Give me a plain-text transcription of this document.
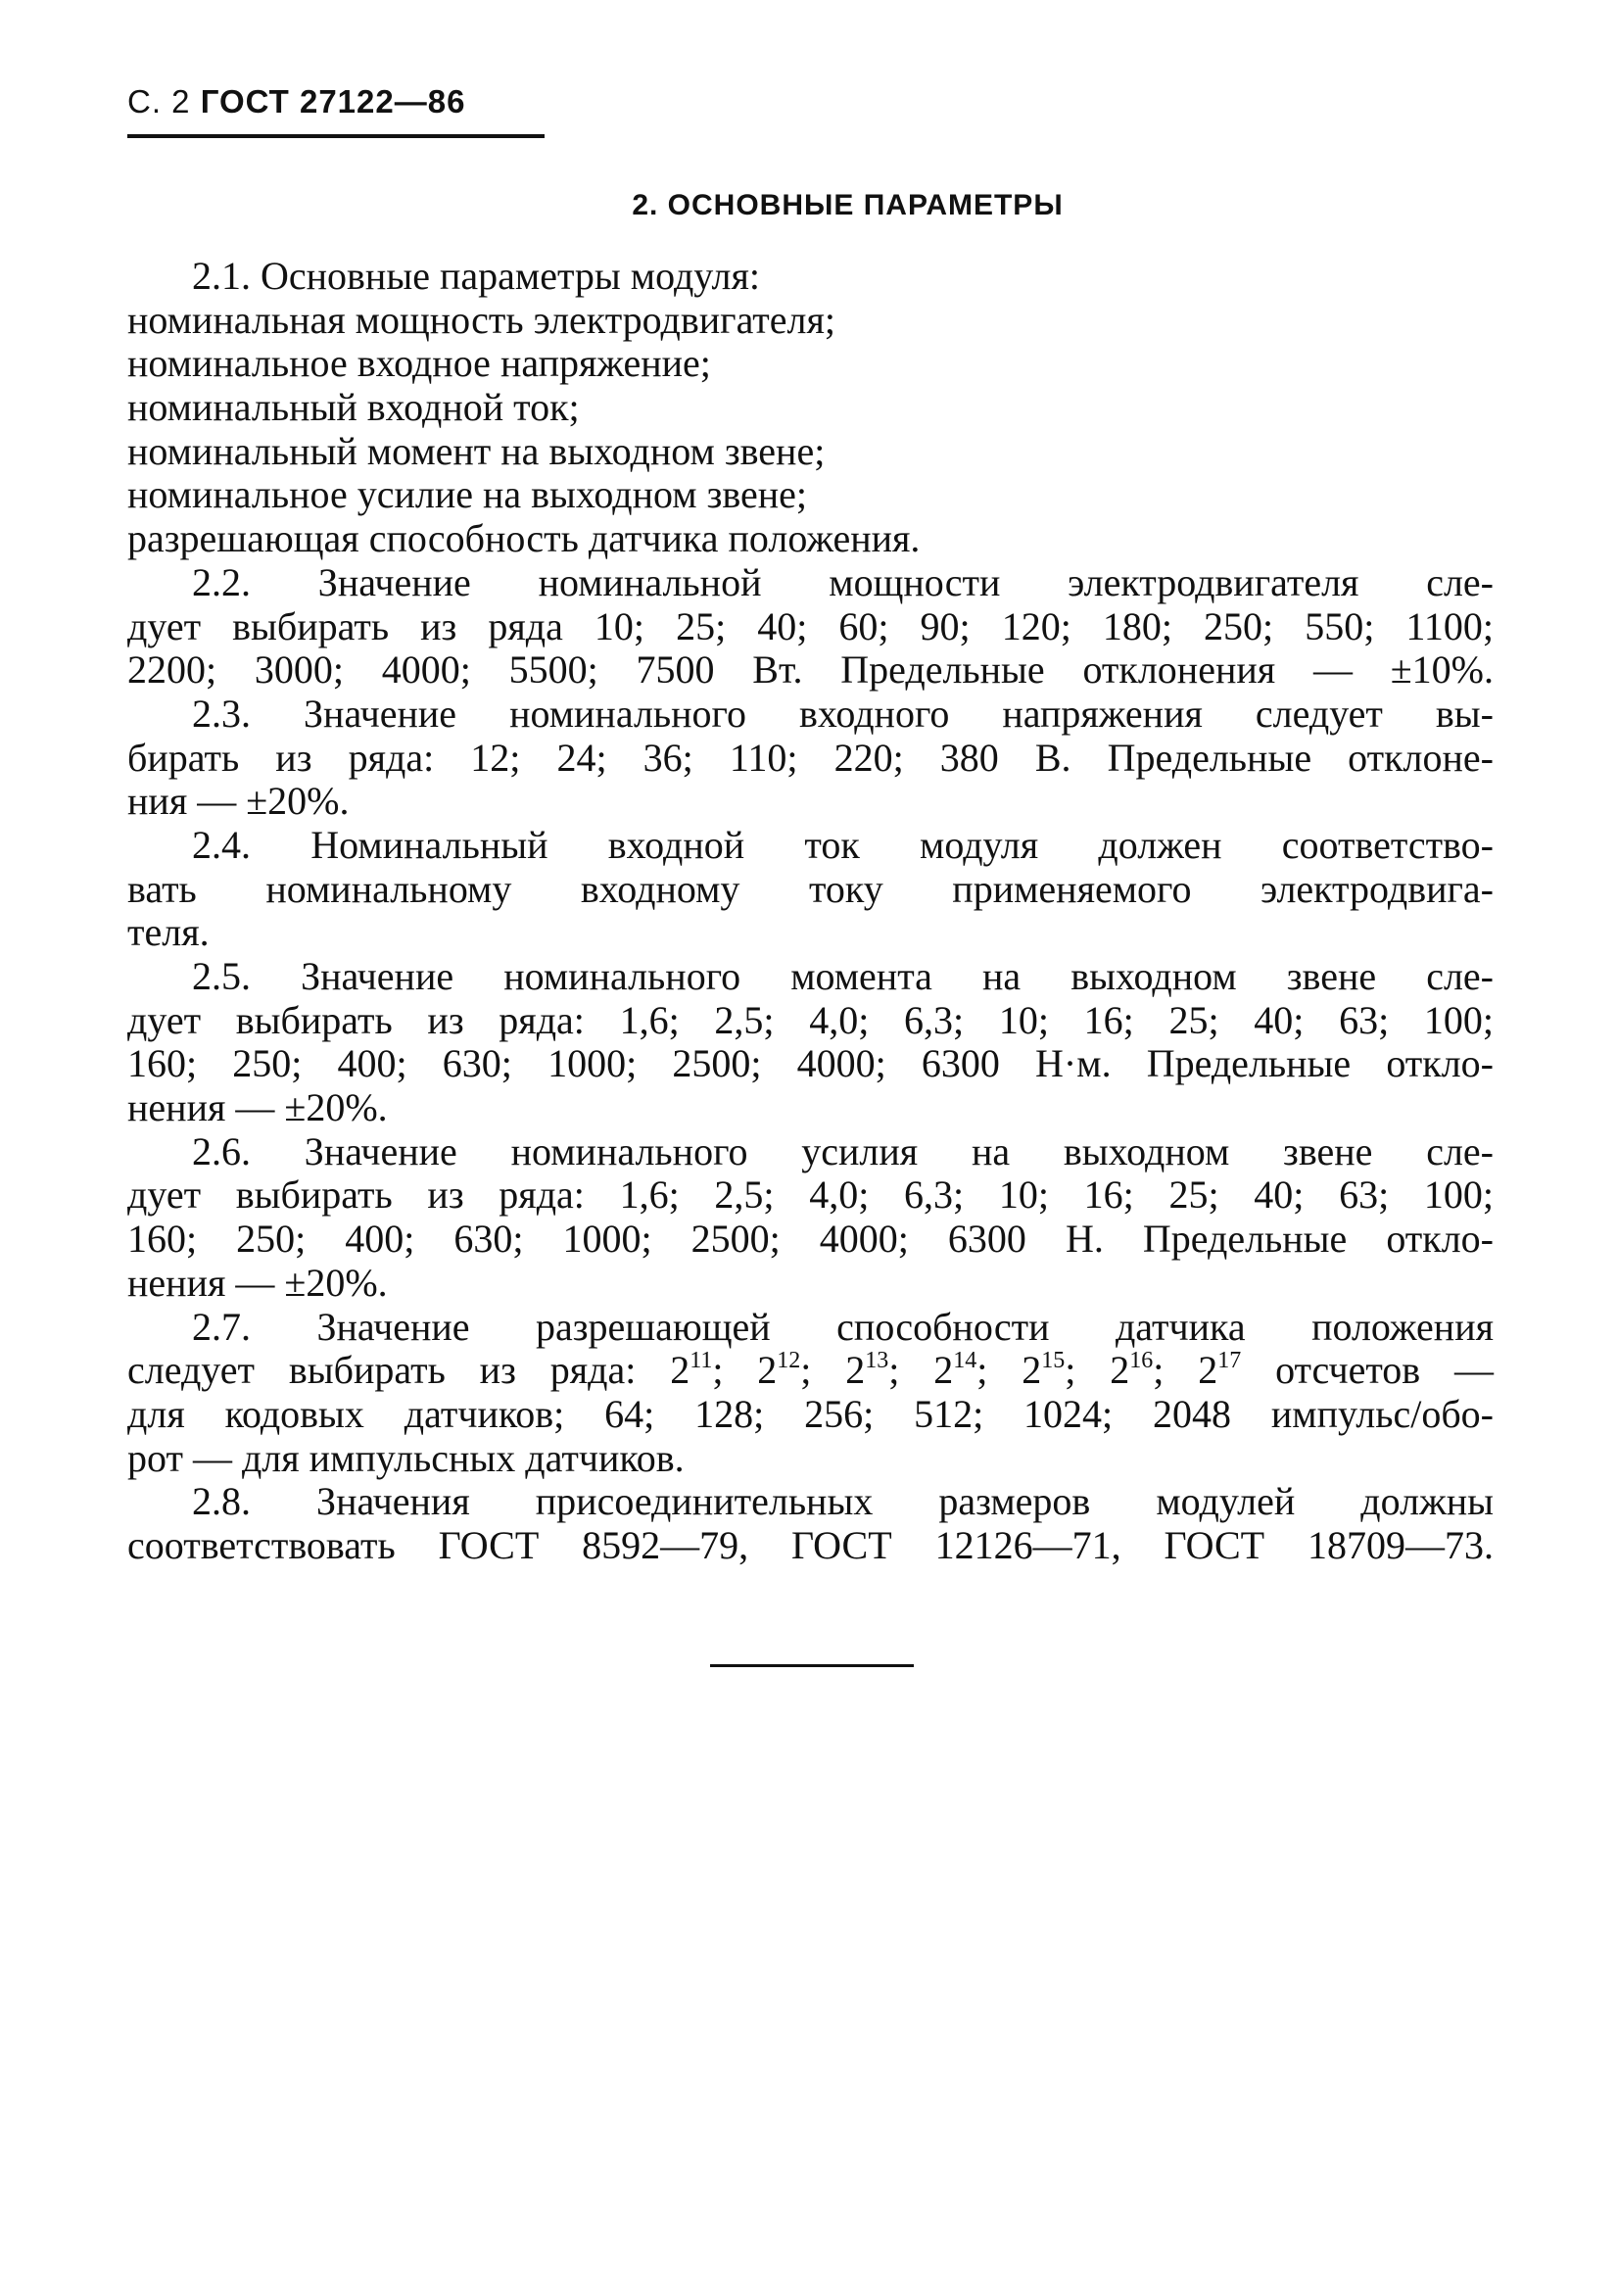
С. 2 ГОСТ 27122—86
2. ОСНОВНЫЕ ПАРАМЕТРЫ
2.1. Основные параметры модуля:
номинальная мощность электродвигателя;
номинальное входное напряжение;
номинальный входной ток;
номинальный момент на выходном звене;
номинальное усилие на выходном звене;
разрешающая способность датчика положения.
2.2. Значение номинальной мощности электродвигателя сле-
дует выбирать из ряда 10; 25; 40; 60; 90; 120; 180; 250; 550; 1100;
2200; 3000; 4000; 5500; 7500 Вт. Предельные отклонения — ±10%.
2.3. Значение номинального входного напряжения следует вы-
бирать из ряда: 12; 24; 36; 110; 220; 380 В. Предельные отклоне-
ния — ±20%.
2.4. Номинальный входной ток модуля должен соответство-
вать номинальному входному току применяемого электродвига-
теля.
2.5. Значение номинального момента на выходном звене сле-
дует выбирать из ряда: 1,6; 2,5; 4,0; 6,3; 10; 16; 25; 40; 63; 100;
160; 250; 400; 630; 1000; 2500; 4000; 6300 Н·м. Предельные откло-
нения — ±20%.
2.6. Значение номинального усилия на выходном звене сле-
дует выбирать из ряда: 1,6; 2,5; 4,0; 6,3; 10; 16; 25; 40; 63; 100;
160; 250; 400; 630; 1000; 2500; 4000; 6300 Н. Предельные откло-
нения — ±20%.
2.7. Значение разрешающей способности датчика положения
следует выбирать из ряда: $2^{11}$; $2^{12}$; $2^{13}$; $2^{14}$; $2^{15}$; $2^{16}$; $2^{17}$ отсчетов —
для кодовых датчиков; 64; 128; 256; 512; 1024; 2048 импульс/обо-
рот — для импульсных датчиков.
2.8. Значения присоединительных размеров модулей должны
соответствовать ГОСТ 8592—79, ГОСТ 12126—71, ГОСТ 18709—73.
